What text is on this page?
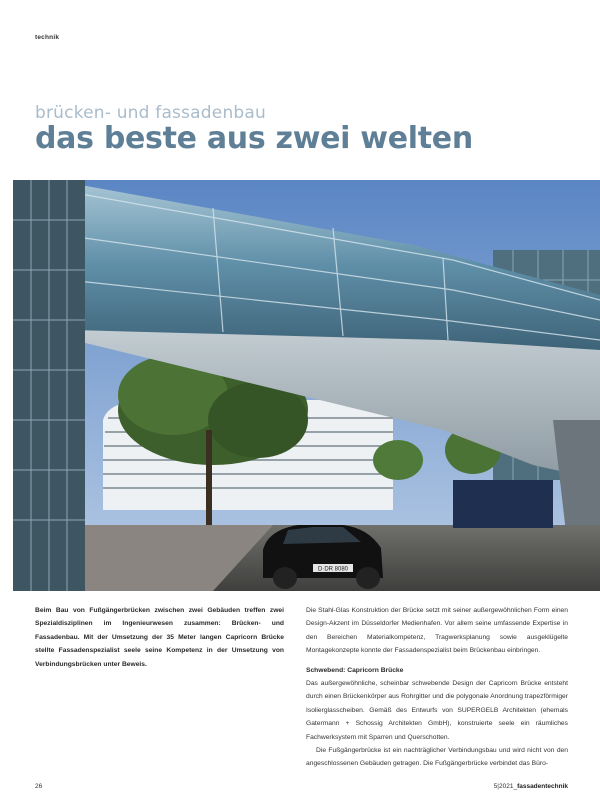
technik
brücken- und fassadenbau
das beste aus zwei welten
D·DR 8080

Beim Bau von Fußgängerbrücken zwischen zwei Gebäuden treffen zwei Spezialdisziplinen im Ingenieurwesen zusammen: Brücken- und Fassadenbau. Mit der Umsetzung der 35 Meter langen Capricorn Brücke stellte Fassadenspezialist seele seine Kompetenz in der Umsetzung von Verbindungsbrücken unter Beweis.

Die Stahl-Glas Konstruktion der Brücke setzt mit seiner außergewöhnlichen Form einen Design-Akzent im Düsseldorfer Medienhafen. Vor allem seine umfassende Expertise in den Bereichen Materialkompetenz, Tragwerksplanung sowie ausgeklügelte Montagekonzepte konnte der Fassadenspezialist beim Brückenbau einbringen.

Schwebend: Capricorn Brücke

Das außergewöhnliche, scheinbar schwebende Design der Capricorn Brücke entsteht durch einen Brückenkörper aus Rohrgitter und die polygonale Anordnung trapezförmiger Isolierglasscheiben. Gemäß des Entwurfs von SUPERGELB Architekten (ehemals Gatermann + Schossig Architekten GmbH), konstruierte seele ein räumliches Fachwerksystem mit Sparren und Querschotten.

Die Fußgängerbrücke ist ein nachträglicher Verbindungsbau und wird nicht von den angeschlossenen Gebäuden getragen. Die Fußgängerbrücke verbindet das Büro-

26	5|2021_fassadentechnik
